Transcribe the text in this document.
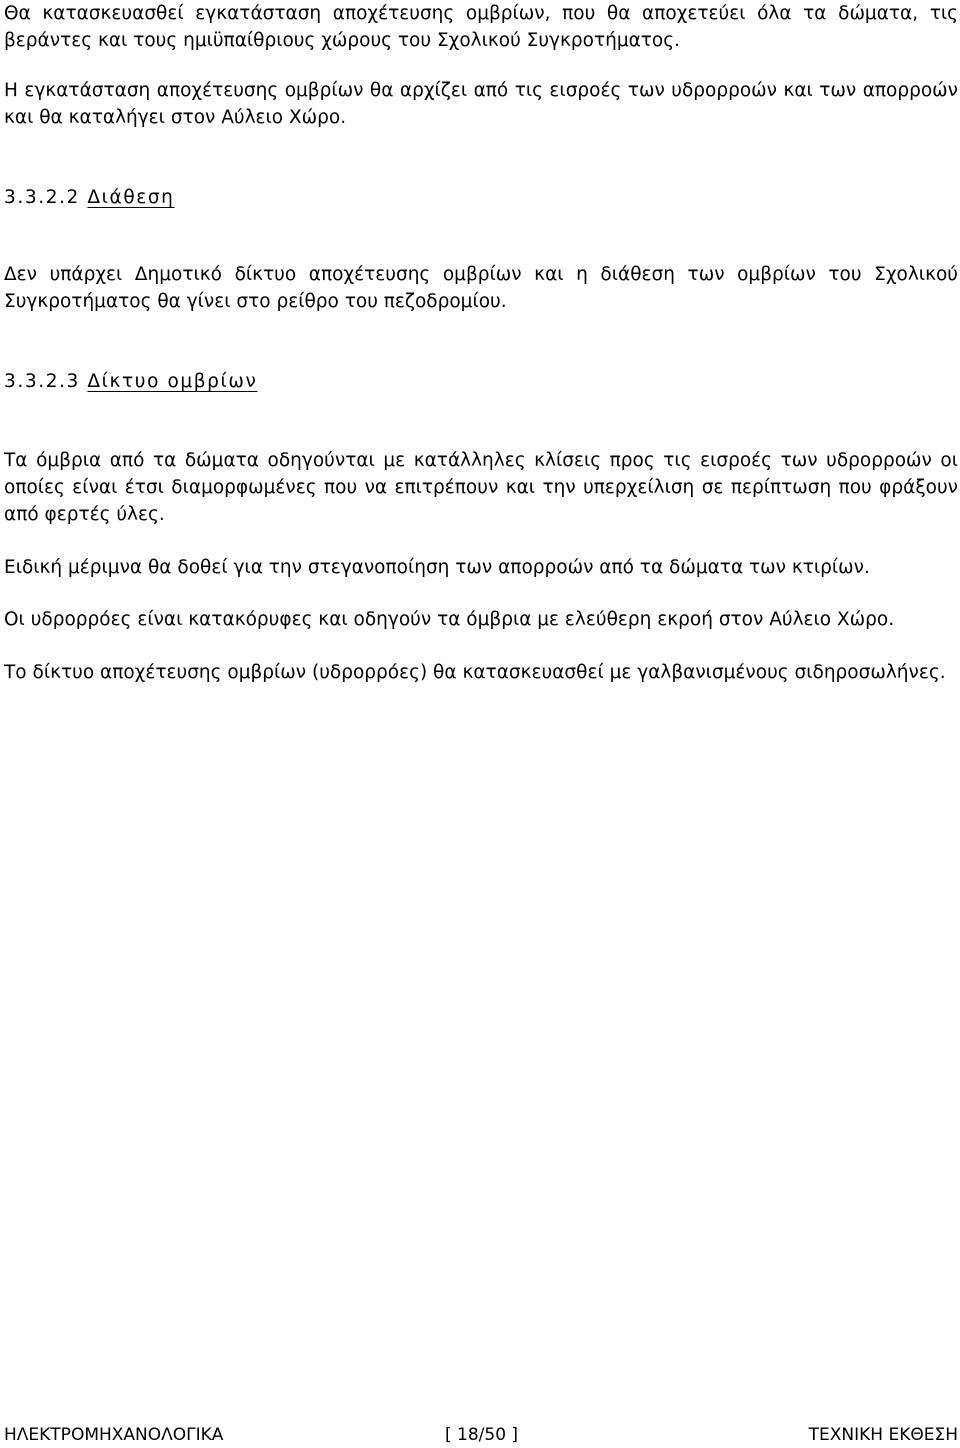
Θα κατασκευασθεί εγκατάσταση αποχέτευσης ομβρίων, που θα αποχετεύει όλα τα δώματα, τις βεράντες και τους ημιϋπαίθριους χώρους του Σχολικού Συγκροτήματος.

Η εγκατάσταση αποχέτευσης ομβρίων θα αρχίζει από τις εισροές των υδρορροών και των απορροών και θα καταλήγει στον Αύλειο Χώρο.

3.3.2.2 Διάθεση

Δεν υπάρχει Δημοτικό δίκτυο αποχέτευσης ομβρίων και η διάθεση των ομβρίων του Σχολικού Συγκροτήματος θα γίνει στο ρείθρο του πεζοδρομίου.

3.3.2.3 Δίκτυο ομβρίων

Τα όμβρια από τα δώματα οδηγούνται με κατάλληλες κλίσεις προς τις εισροές των υδρορροών οι οποίες είναι έτσι διαμορφωμένες που να επιτρέπουν και την υπερχείλιση σε περίπτωση που φράξουν από φερτές ύλες.

Ειδική μέριμνα θα δοθεί για την στεγανοποίηση των απορροών από τα δώματα των κτιρίων.

Οι υδρορρόες είναι κατακόρυφες και οδηγούν τα όμβρια με ελεύθερη εκροή στον Αύλειο Χώρο.

Το δίκτυο αποχέτευσης ομβρίων (υδρορρόες) θα κατασκευασθεί με γαλβανισμένους σιδηροσωλήνες.

ΗΛΕΚΤΡΟΜΗΧΑΝΟΛΟΓΙΚΑ	[ 18/50 ]	ΤΕΧΝΙΚΗ ΕΚΘΕΣΗ
